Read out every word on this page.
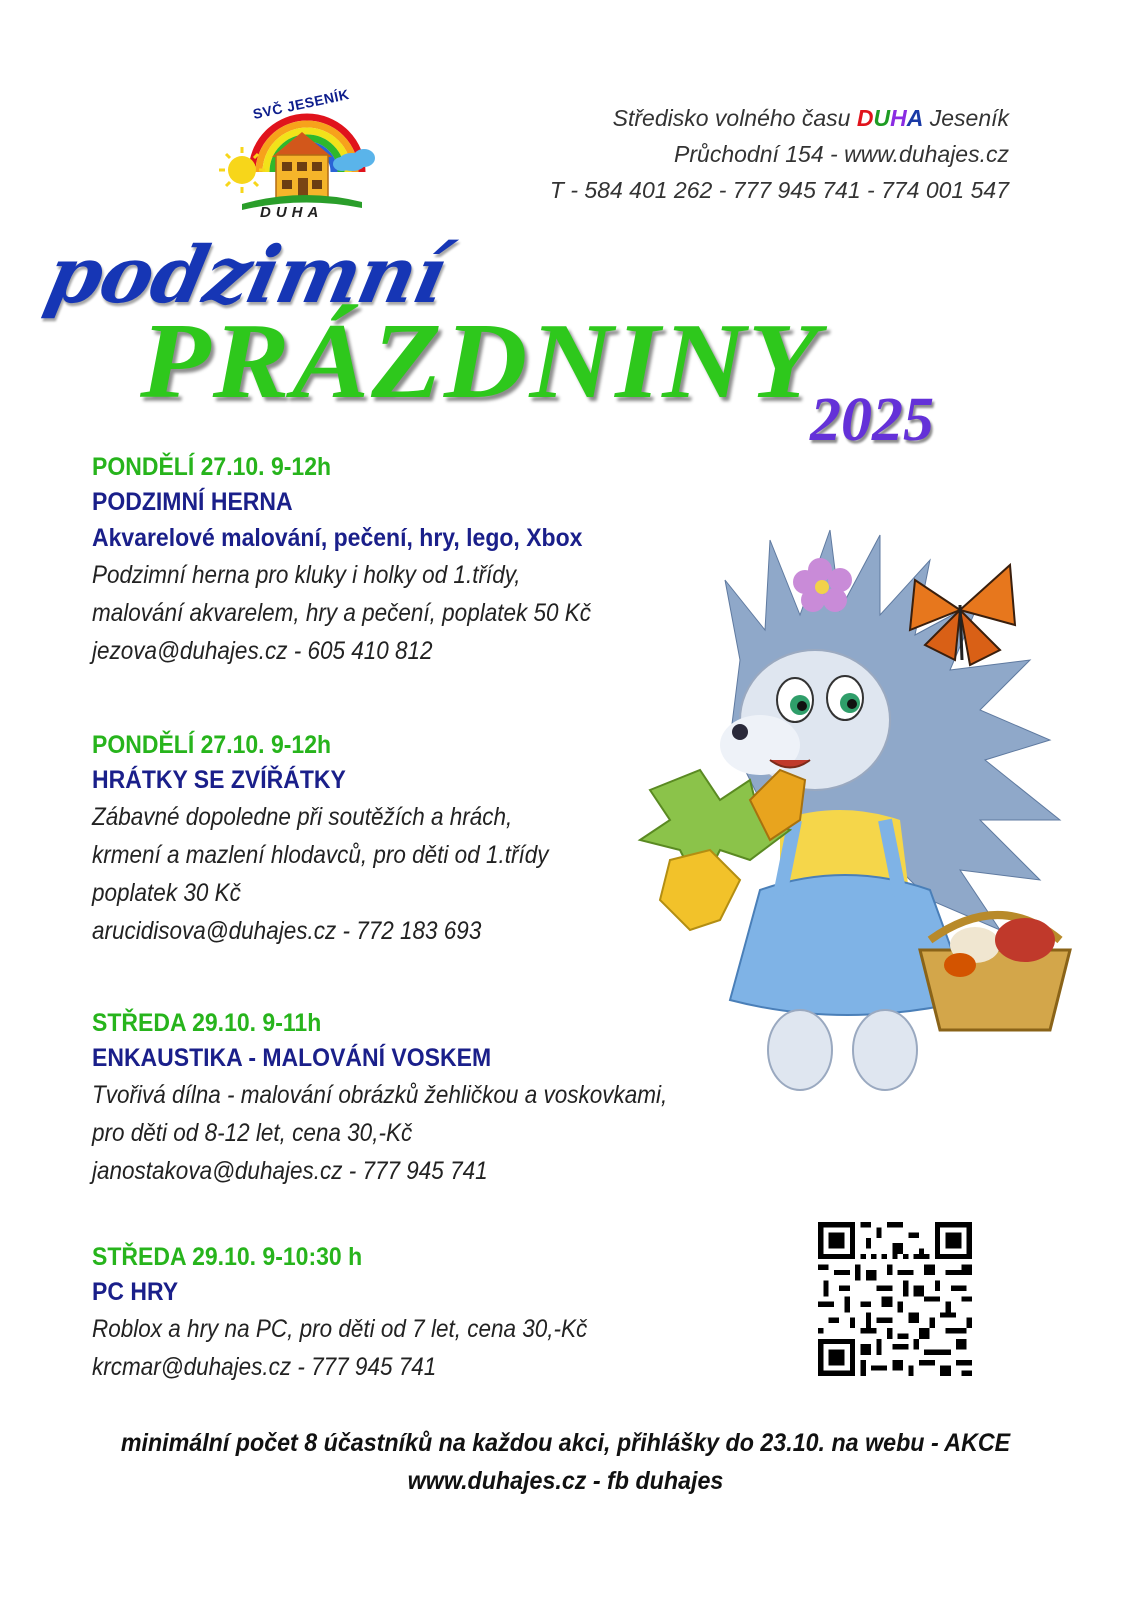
SVČ JESENÍK
DUHA
Středisko volného času DUHA Jeseník
Průchodní 154 - www.duhajes.cz
T - 584 401 262 - 777 945 741 - 774 001 547
podzimní
PRÁZDNINY
2025
PONDĚLÍ 27.10. 9-12h
PODZIMNÍ HERNA
Akvarelové malování, pečení, hry, lego, Xbox
Podzimní herna pro kluky i holky od 1.třídy,
malování akvarelem, hry a pečení, poplatek 50 Kč
jezova@duhajes.cz - 605 410 812
PONDĚLÍ 27.10. 9-12h
HRÁTKY SE ZVÍŘÁTKY
Zábavné dopoledne při soutěžích a hrách,
krmení a mazlení hlodavců, pro děti od 1.třídy
poplatek 30 Kč
arucidisova@duhajes.cz - 772 183 693
STŘEDA 29.10. 9-11h
ENKAUSTIKA - MALOVÁNÍ VOSKEM
Tvořivá dílna - malování obrázků žehličkou a voskovkami,
pro děti od 8-12 let, cena 30,-Kč
janostakova@duhajes.cz - 777 945 741
STŘEDA 29.10. 9-10:30 h
PC HRY
Roblox a hry na PC, pro děti od 7 let, cena 30,-Kč
krcmar@duhajes.cz - 777 945 741
minimální počet 8 účastníků na každou akci, přihlášky do 23.10. na webu - AKCE
www.duhajes.cz - fb duhajes
